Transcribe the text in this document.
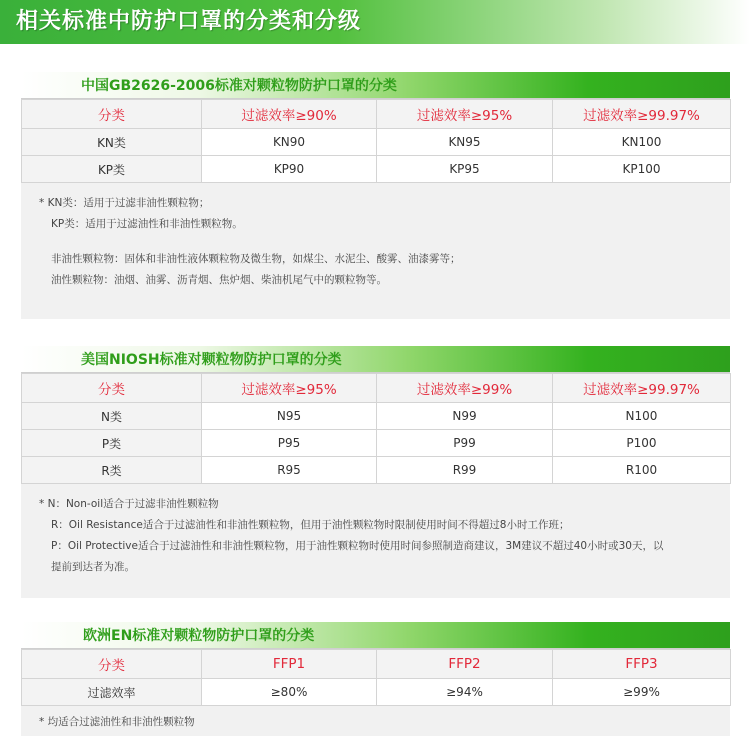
相关标准中防护口罩的分类和分级
中国GB2626-2006标准对颗粒物防护口罩的分类
分类	过滤效率≥90%	过滤效率≥95%	过滤效率≥99.97%
KN类	KN90	KN95	KN100
KP类	KP90	KP95	KP100
* KN类：适用于过滤非油性颗粒物；
KP类：适用于过滤油性和非油性颗粒物。
非油性颗粒物：固体和非油性液体颗粒物及微生物，如煤尘、水泥尘、酸雾、油漆雾等；
油性颗粒物：油烟、油雾、沥青烟、焦炉烟、柴油机尾气中的颗粒物等。
美国NIOSH标准对颗粒物防护口罩的分类
分类	过滤效率≥95%	过滤效率≥99%	过滤效率≥99.97%
N类	N95	N99	N100
P类	P95	P99	P100
R类	R95	R99	R100
* N：Non-oil适合于过滤非油性颗粒物
R：Oil Resistance适合于过滤油性和非油性颗粒物，但用于油性颗粒物时限制使用时间不得超过8小时工作班；
P：Oil Protective适合于过滤油性和非油性颗粒物，用于油性颗粒物时使用时间参照制造商建议，3M建议不超过40小时或30天，以
提前到达者为准。
欧洲EN标准对颗粒物防护口罩的分类
分类	FFP1	FFP2	FFP3
过滤效率	≥80%	≥94%	≥99%
* 均适合过滤油性和非油性颗粒物
